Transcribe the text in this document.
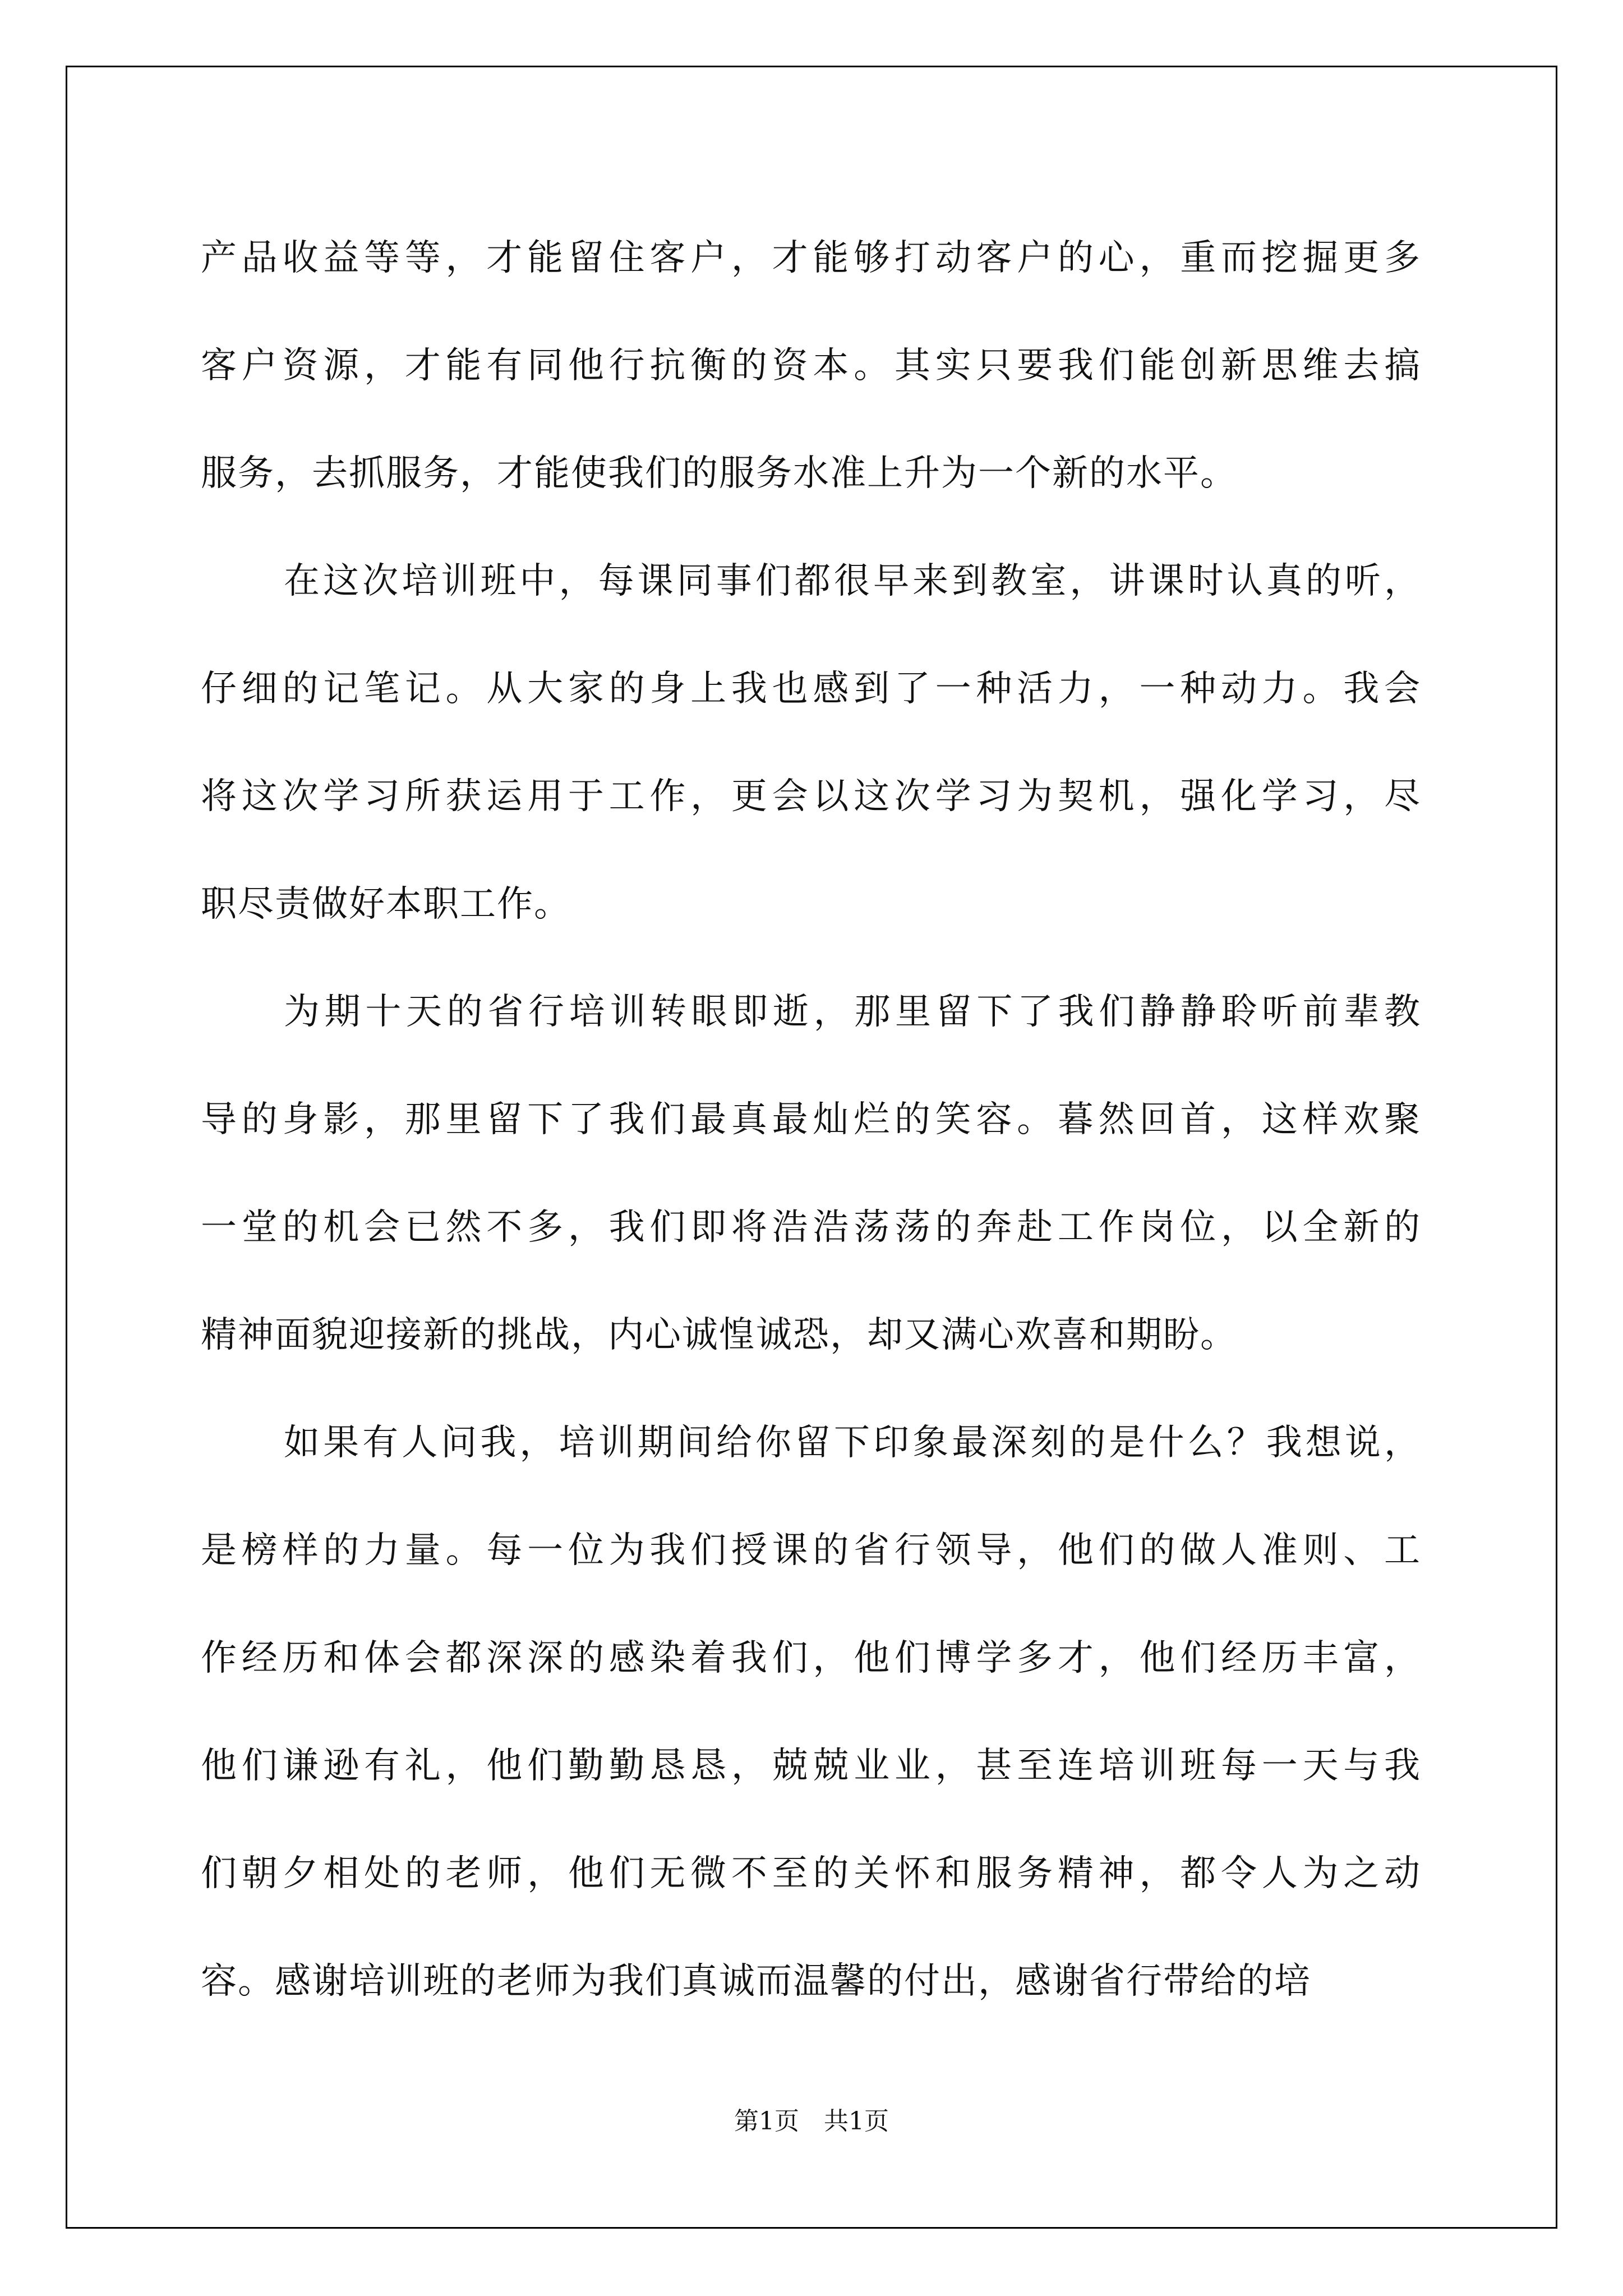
产品收益等等，才能留住客户，才能够打动客户的心，重而挖掘更多
客户资源，才能有同他行抗衡的资本。其实只要我们能创新思维去搞
服务，去抓服务，才能使我们的服务水准上升为一个新的水平。
在这次培训班中，每课同事们都很早来到教室，讲课时认真的听，
仔细的记笔记。从大家的身上我也感到了一种活力，一种动力。我会
将这次学习所获运用于工作，更会以这次学习为契机，强化学习，尽
职尽责做好本职工作。
为期十天的省行培训转眼即逝，那里留下了我们静静聆听前辈教
导的身影，那里留下了我们最真最灿烂的笑容。暮然回首，这样欢聚
一堂的机会已然不多，我们即将浩浩荡荡的奔赴工作岗位，以全新的
精神面貌迎接新的挑战，内心诚惶诚恐，却又满心欢喜和期盼。
如果有人问我，培训期间给你留下印象最深刻的是什么？我想说，
是榜样的力量。每一位为我们授课的省行领导，他们的做人准则、工
作经历和体会都深深的感染着我们，他们博学多才，他们经历丰富，
他们谦逊有礼，他们勤勤恳恳，兢兢业业，甚至连培训班每一天与我
们朝夕相处的老师，他们无微不至的关怀和服务精神，都令人为之动
容。感谢培训班的老师为我们真诚而温馨的付出，感谢省行带给的培
第1页　共1页
